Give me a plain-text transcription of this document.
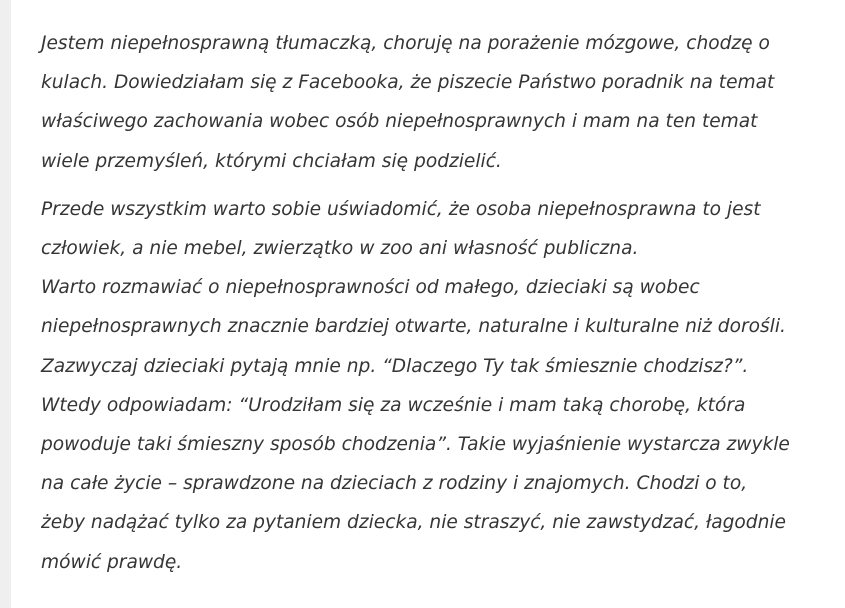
Jestem niepełnosprawną tłumaczką, choruję na porażenie mózgowe, chodzę o
kulach. Dowiedziałam się z Facebooka, że piszecie Państwo poradnik na temat
właściwego zachowania wobec osób niepełnosprawnych i mam na ten temat
wiele przemyśleń, którymi chciałam się podzielić.

Przede wszystkim warto sobie uświadomić, że osoba niepełnosprawna to jest
człowiek, a nie mebel, zwierzątko w zoo ani własność publiczna.

Warto rozmawiać o niepełnosprawności od małego, dzieciaki są wobec
niepełnosprawnych znacznie bardziej otwarte, naturalne i kulturalne niż dorośli.
Zazwyczaj dzieciaki pytają mnie np. “Dlaczego Ty tak śmiesznie chodzisz?”.
Wtedy odpowiadam: “Urodziłam się za wcześnie i mam taką chorobę, która
powoduje taki śmieszny sposób chodzenia”. Takie wyjaśnienie wystarcza zwykle
na całe życie – sprawdzone na dzieciach z rodziny i znajomych. Chodzi o to,
żeby nadążać tylko za pytaniem dziecka, nie straszyć, nie zawstydzać, łagodnie
mówić prawdę.
